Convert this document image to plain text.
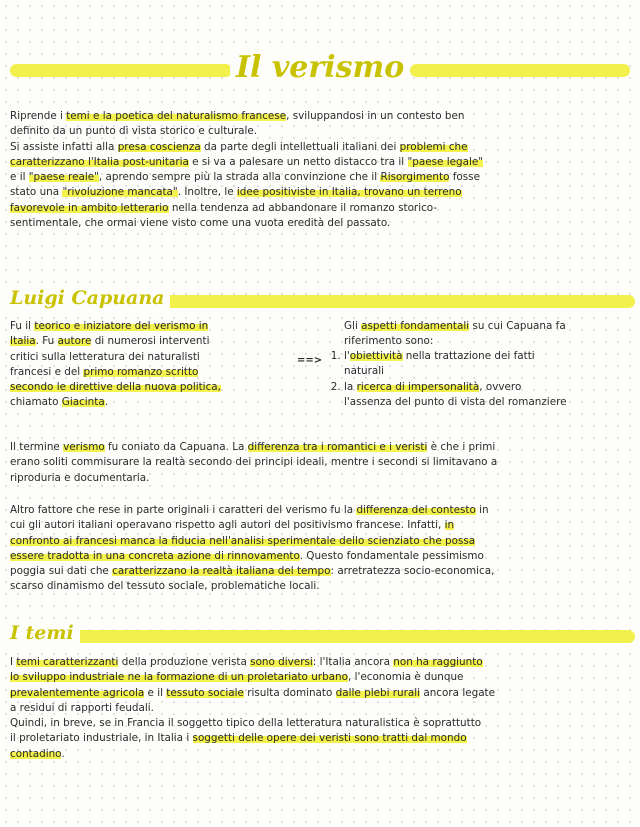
Il verismo
Riprende i temi e la poetica del naturalismo francese, sviluppandosi in un contesto ben
definito da un punto di vista storico e culturale.
Si assiste infatti alla presa coscienza da parte degli intellettuali italiani dei problemi che
caratterizzano l'Italia post-unitaria e si va a palesare un netto distacco tra il "paese legale"
e il "paese reale", aprendo sempre più la strada alla convinzione che il Risorgimento fosse
stato una "rivoluzione mancata". Inoltre, le idee positiviste in Italia, trovano un terreno
favorevole in ambito letterario nella tendenza ad abbandonare il romanzo storico-
sentimentale, che ormai viene visto come una vuota eredità del passato.
Luigi Capuana
Fu il teorico e iniziatore del verismo in
Italia. Fu autore di numerosi interventi
critici sulla letteratura dei naturalisti
francesi e del primo romanzo scritto
secondo le direttive della nuova politica,
chiamato Giacinta.
==>
Gli aspetti fondamentali su cui Capuana fa
riferimento sono:
1. l'obiettività nella trattazione dei fatti
naturali
2. la ricerca di impersonalità, ovvero
l'assenza del punto di vista del romanziere
Il termine verismo fu coniato da Capuana. La differenza tra i romantici e i veristi è che i primi
erano soliti commisurare la realtà secondo dei principi ideali, mentre i secondi si limitavano a
riproduria e documentaria.
Altro fattore che rese in parte originali i caratteri del verismo fu la differenza del contesto in
cui gli autori italiani operavano rispetto agli autori del positivismo francese. Infatti, in
confronto ai francesi manca la fiducia nell'analisi sperimentale dello scienziato che possa
essere tradotta in una concreta azione di rinnovamento. Questo fondamentale pessimismo
poggia sui dati che caratterizzano la realtà italiana del tempo: arretratezza socio-economica,
scarso dinamismo del tessuto sociale, problematiche locali.
I temi
I temi caratterizzanti della produzione verista sono diversi: l'Italia ancora non ha raggiunto
lo sviluppo industriale ne la formazione di un proletariato urbano, l'economia è dunque
prevalentemente agricola e il tessuto sociale risulta dominato dalle plebi rurali ancora legate
a residui di rapporti feudali.
Quindi, in breve, se in Francia il soggetto tipico della letteratura naturalistica è soprattutto
il proletariato industriale, in Italia i soggetti delle opere dei veristi sono tratti dal mondo
contadino.
